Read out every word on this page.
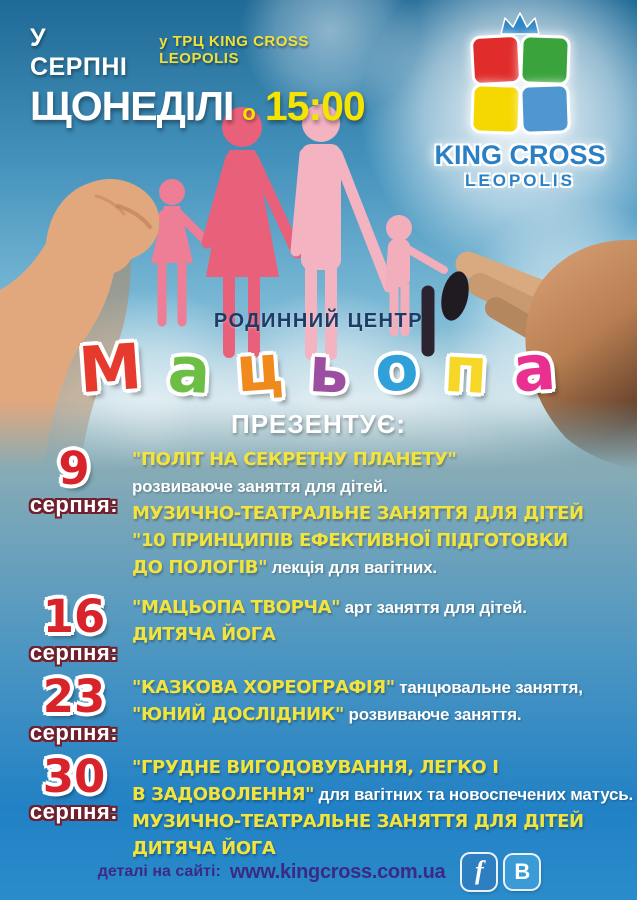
У СЕРПНІ
у ТРЦ KING CROSS LEOPOLIS
ЩОНЕДІЛІ о 15:00
KING CROSS
LEOPOLIS
РОДИННИЙ ЦЕНТР
М а ц ь о п а
ПРЕЗЕНТУЄ:
9
серпня:
"ПОЛІТ НА СЕКРЕТНУ ПЛАНЕТУ"
розвиваюче заняття для дітей.
МУЗИЧНО-ТЕАТРАЛЬНЕ ЗАНЯТТЯ ДЛЯ ДІТЕЙ
"10 ПРИНЦИПІВ ЕФЕКТИВНОЇ ПІДГОТОВКИ
ДО ПОЛОГІВ" лекція для вагітних.
16
серпня:
"МАЦЬОПА ТВОРЧА" арт заняття для дітей.
ДИТЯЧА ЙОГА
23
серпня:
"КАЗКОВА ХОРЕОГРАФІЯ" танцювальне заняття,
"ЮНИЙ ДОСЛІДНИК" розвиваюче заняття.
30
серпня:
"ГРУДНЕ ВИГОДОВУВАННЯ, ЛЕГКО І
В ЗАДОВОЛЕННЯ" для вагітних та новоспечених матусь.
МУЗИЧНО-ТЕАТРАЛЬНЕ ЗАНЯТТЯ ДЛЯ ДІТЕЙ
ДИТЯЧА ЙОГА
деталі на сайті: www.kingcross.com.ua	f	B
